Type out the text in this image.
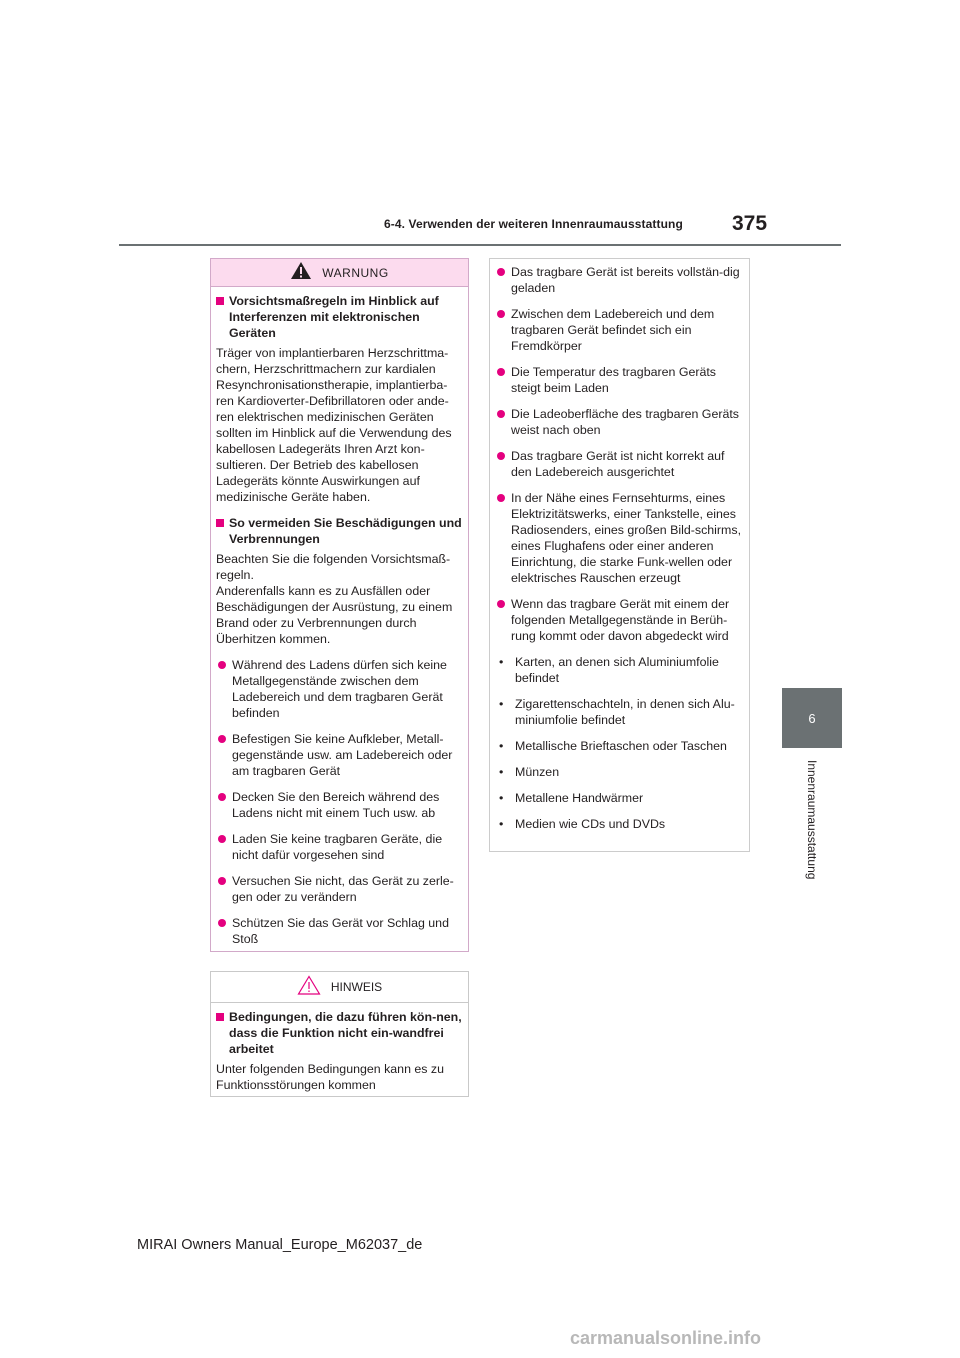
6-4. Verwenden der weiteren Innenraumausstattung 375
6
Innenraumausstattung
WARNUNG
Vorsichtsmaßregeln im Hinblick auf Interferenzen mit elektronischen Geräten

Träger von implantierbaren Herzschrittma-chern, Herzschrittmachern zur kardialen Resynchronisationstherapie, implantierba-ren Kardioverter-Defibrillatoren oder ande-ren elektrischen medizinischen Geräten sollten im Hinblick auf die Verwendung des kabellosen Ladegeräts Ihren Arzt kon-sultieren. Der Betrieb des kabellosen Ladegeräts könnte Auswirkungen auf medizinische Geräte haben.

So vermeiden Sie Beschädigungen und Verbrennungen

Beachten Sie die folgenden Vorsichtsmaß-regeln.

Anderenfalls kann es zu Ausfällen oder Beschädigungen der Ausrüstung, zu einem Brand oder zu Verbrennungen durch Überhitzen kommen.

Während des Ladens dürfen sich keine Metallgegenstände zwischen dem Ladebereich und dem tragbaren Gerät befinden
Befestigen Sie keine Aufkleber, Metall-gegenstände usw. am Ladebereich oder am tragbaren Gerät
Decken Sie den Bereich während des Ladens nicht mit einem Tuch usw. ab
Laden Sie keine tragbaren Geräte, die nicht dafür vorgesehen sind
Versuchen Sie nicht, das Gerät zu zerle-gen oder zu verändern
Schützen Sie das Gerät vor Schlag und Stoß
HINWEIS
Bedingungen, die dazu führen kön-nen, dass die Funktion nicht ein-wandfrei arbeitet
Unter folgenden Bedingungen kann es zu Funktionsstörungen kommen
Das tragbare Gerät ist bereits vollstän-dig geladen
Zwischen dem Ladebereich und dem tragbaren Gerät befindet sich ein Fremdkörper
Die Temperatur des tragbaren Geräts steigt beim Laden
Die Ladeoberfläche des tragbaren Geräts weist nach oben
Das tragbare Gerät ist nicht korrekt auf den Ladebereich ausgerichtet
In der Nähe eines Fernsehturms, eines Elektrizitätswerks, einer Tankstelle, eines Radiosenders, eines großen Bild-schirms, eines Flughafens oder einer anderen Einrichtung, die starke Funk-wellen oder elektrisches Rauschen erzeugt
Wenn das tragbare Gerät mit einem der folgenden Metallgegenstände in Berüh-rung kommt oder davon abgedeckt wird
• Karten, an denen sich Aluminiumfolie befindet
• Zigarettenschachteln, in denen sich Alu-miniumfolie befindet
• Metallische Brieftaschen oder Taschen
• Münzen
• Metallene Handwärmer
• Medien wie CDs und DVDs
MIRAI Owners Manual_Europe_M62037_de
carmanualsonline.info
